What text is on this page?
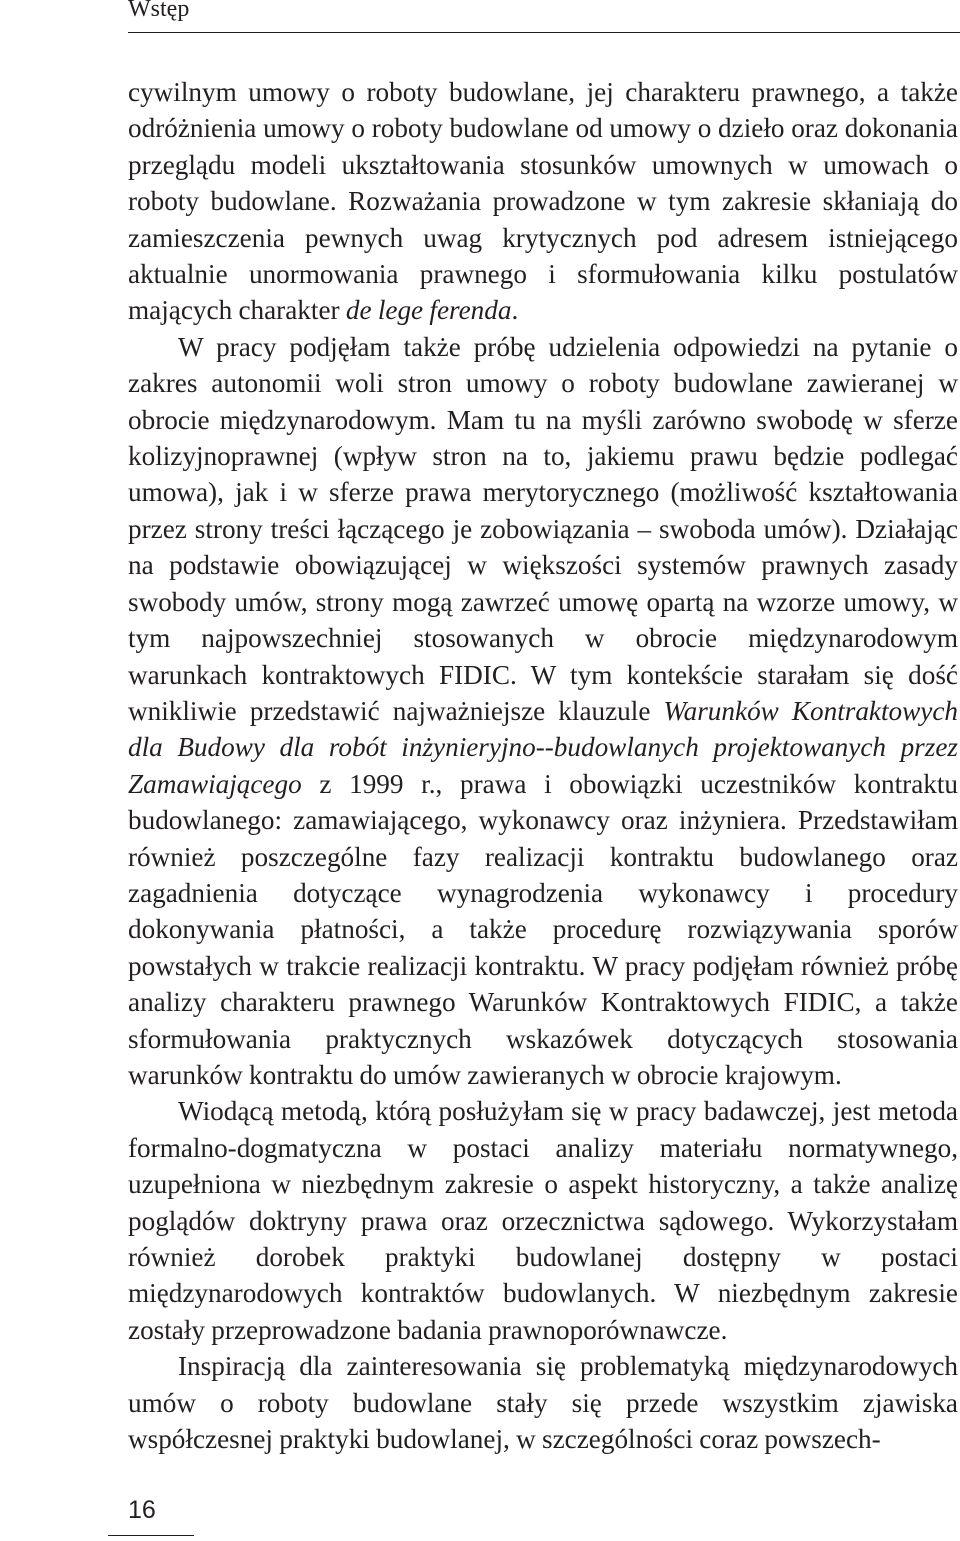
Wstęp

cywilnym umowy o roboty budowlane, jej charakteru prawnego, a także odróżnienia umowy o roboty budowlane od umowy o dzieło oraz dokonania przeglądu modeli ukształtowania stosunków umownych w umowach o roboty budowlane. Rozważania prowadzone w tym zakresie skłaniają do zamieszczenia pewnych uwag krytycznych pod adresem istniejącego aktualnie unormowania prawnego i sformułowania kilku postulatów mających charakter de lege ferenda.

W pracy podjęłam także próbę udzielenia odpowiedzi na pytanie o zakres autonomii woli stron umowy o roboty budowlane zawieranej w obrocie międzynarodowym. Mam tu na myśli zarówno swobodę w sferze kolizyjnoprawnej (wpływ stron na to, jakiemu prawu będzie podlegać umowa), jak i w sferze prawa merytorycznego (możliwość kształtowania przez strony treści łączącego je zobowiązania – swoboda umów). Działając na podstawie obowiązującej w większości systemów prawnych zasady swobody umów, strony mogą zawrzeć umowę opartą na wzorze umowy, w tym najpowszechniej stosowanych w obrocie międzynarodowym warunkach kontraktowych FIDIC. W tym kontekście starałam się dość wnikliwie przedstawić najważniejsze klauzule Warunków Kontraktowych dla Budowy dla robót inżynieryjno-​-budowlanych projektowanych przez Zamawiającego z 1999 r., prawa i obowiązki uczestników kontraktu budowlanego: zamawiającego, wykonawcy oraz inżyniera. Przedstawiłam również poszczególne fazy realizacji kontraktu budowlanego oraz zagadnienia dotyczące wynagrodzenia wykonawcy i procedury dokonywania płatności, a także procedurę rozwiązywania sporów powstałych w trakcie realizacji kontraktu. W pracy podjęłam również próbę analizy charakteru prawnego Warunków Kontraktowych FIDIC, a także sformułowania praktycznych wskazówek dotyczących stosowania warunków kontraktu do umów zawieranych w obrocie krajowym.

Wiodącą metodą, którą posłużyłam się w pracy badawczej, jest metoda formalno-dogmatyczna w postaci analizy materiału normatywnego, uzupełniona w niezbędnym zakresie o aspekt historyczny, a także analizę poglądów doktryny prawa oraz orzecznictwa sądowego. Wykorzystałam również dorobek praktyki budowlanej dostępny w postaci międzynarodowych kontraktów budowlanych. W niezbędnym zakresie zostały przeprowadzone badania prawnoporównawcze.

Inspiracją dla zainteresowania się problematyką międzynarodowych umów o roboty budowlane stały się przede wszystkim zjawiska współczesnej praktyki budowlanej, w szczególności coraz powszech-

16
